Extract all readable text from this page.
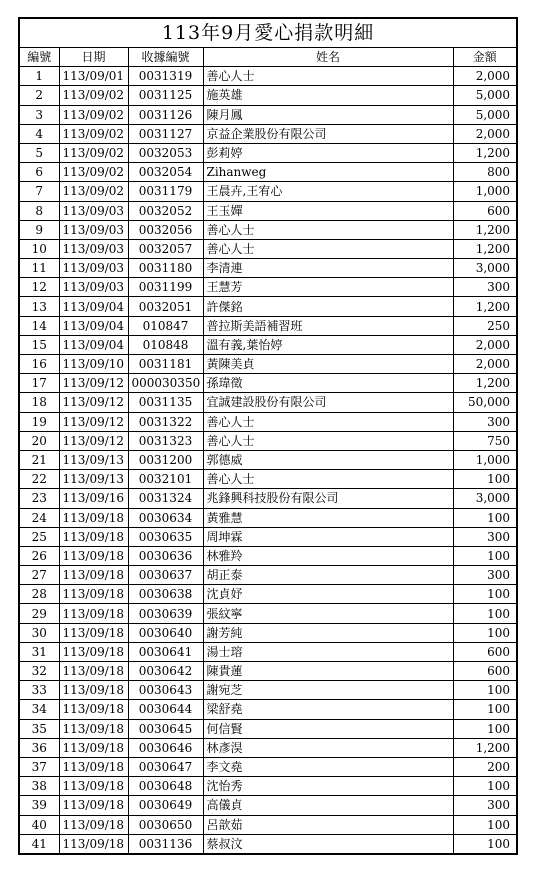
113年9月愛心捐款明細				
編號	日期	收據編號	姓名	金額
1	113/09/01	0031319	善心人士	2,000
2	113/09/02	0031125	施英雄	5,000
3	113/09/02	0031126	陳月鳳	5,000
4	113/09/02	0031127	京益企業股份有限公司	2,000
5	113/09/02	0032053	彭莉婷	1,200
6	113/09/02	0032054	Zihanweg	800
7	113/09/02	0031179	王晨卉,王宥心	1,000
8	113/09/03	0032052	王玉嬋	600
9	113/09/03	0032056	善心人士	1,200
10	113/09/03	0032057	善心人士	1,200
11	113/09/03	0031180	李清連	3,000
12	113/09/03	0031199	王慧芳	300
13	113/09/04	0032051	許傑銘	1,200
14	113/09/04	010847	普拉斯美語補習班	250
15	113/09/04	010848	溫有義,葉怡婷	2,000
16	113/09/10	0031181	黃陳美貞	2,000
17	113/09/12	000030350	孫瑋徵	1,200
18	113/09/12	0031135	宜誠建設股份有限公司	50,000
19	113/09/12	0031322	善心人士	300
20	113/09/12	0031323	善心人士	750
21	113/09/13	0031200	郭德威	1,000
22	113/09/13	0032101	善心人士	100
23	113/09/16	0031324	兆鋒興科技股份有限公司	3,000
24	113/09/18	0030634	黃雅慧	100
25	113/09/18	0030635	周坤霖	300
26	113/09/18	0030636	林雅羚	100
27	113/09/18	0030637	胡正泰	300
28	113/09/18	0030638	沈貞妤	100
29	113/09/18	0030639	張紋寧	100
30	113/09/18	0030640	謝芳純	100
31	113/09/18	0030641	湯士瑢	600
32	113/09/18	0030642	陳貴蓮	600
33	113/09/18	0030643	謝宛芝	100
34	113/09/18	0030644	梁舒堯	100
35	113/09/18	0030645	何信賢	100
36	113/09/18	0030646	林彥淏	1,200
37	113/09/18	0030647	李文堯	200
38	113/09/18	0030648	沈怡秀	100
39	113/09/18	0030649	高儀貞	300
40	113/09/18	0030650	呂歆茹	100
41	113/09/18	0031136	蔡叔汶	100
